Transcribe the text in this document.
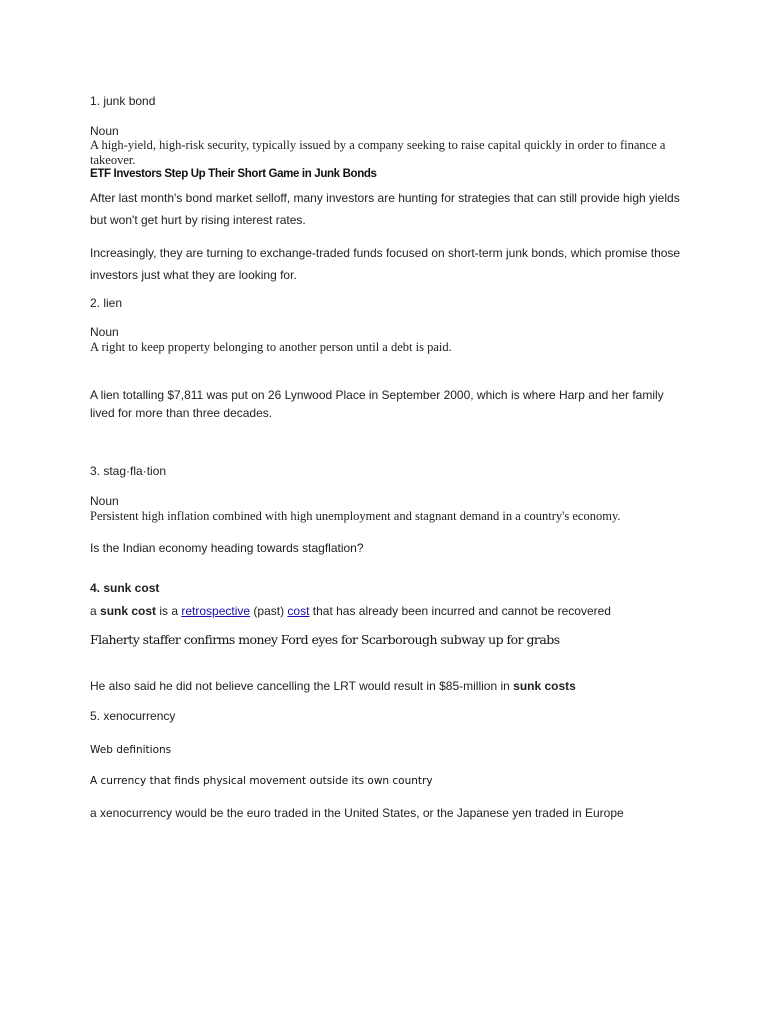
1. junk bond
Noun
A high-yield, high-risk security, typically issued by a company seeking to raise capital quickly in order to finance a takeover.
ETF Investors Step Up Their Short Game in Junk Bonds
After last month's bond market selloff, many investors are hunting for strategies that can still provide high yields but won't get hurt by rising interest rates.
Increasingly, they are turning to exchange-traded funds focused on short-term junk bonds, which promise those investors just what they are looking for.
2. lien
Noun
A right to keep property belonging to another person until a debt is paid.
A lien totalling $7,811 was put on 26 Lynwood Place in September 2000, which is where Harp and her family lived for more than three decades.
3. stag·fla·tion
Noun
Persistent high inflation combined with high unemployment and stagnant demand in a country's economy.
Is the Indian economy heading towards stagflation?
4. sunk cost
a sunk cost is a retrospective (past) cost that has already been incurred and cannot be recovered
Flaherty staffer confirms money Ford eyes for Scarborough subway up for grabs
He also said he did not believe cancelling the LRT would result in $85-million in sunk costs
5. xenocurrency
Web definitions
A currency that finds physical movement outside its own country
a xenocurrency would be the euro traded in the United States, or the Japanese yen traded in Europe
